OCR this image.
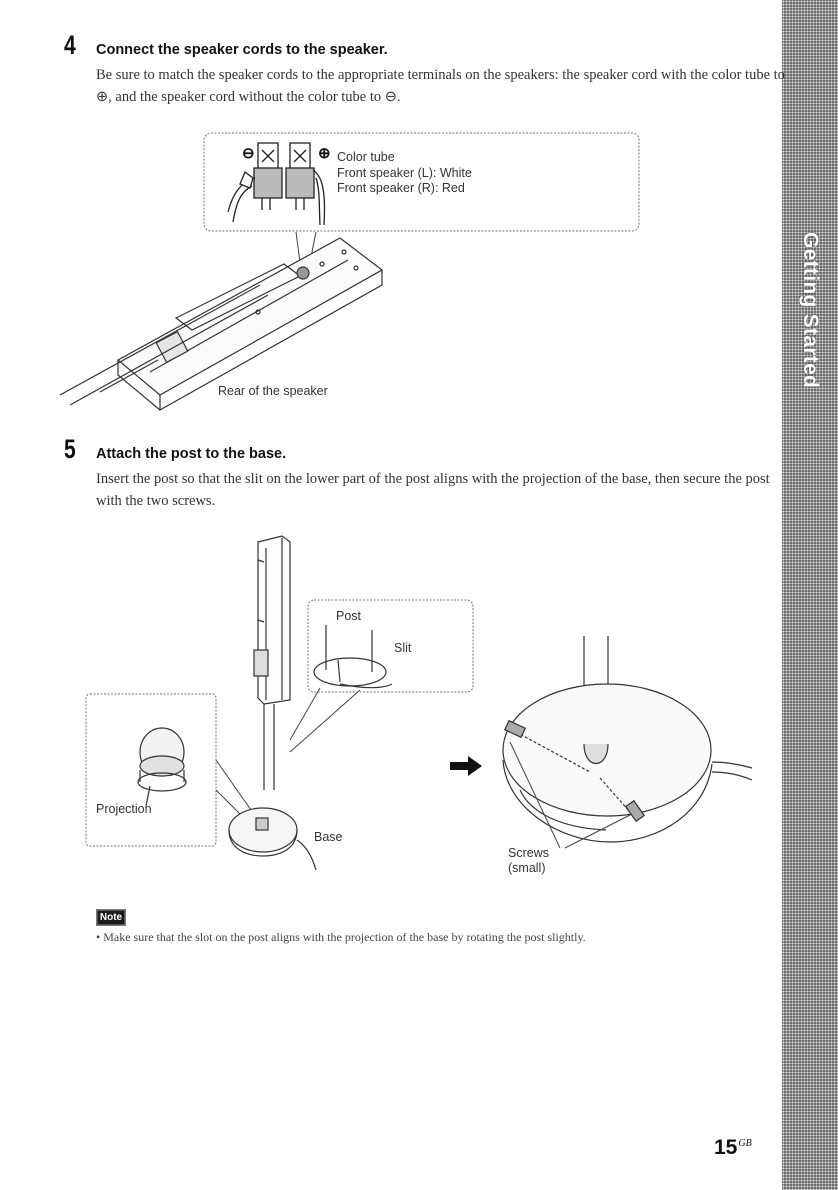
Getting Started
4 Connect the speaker cords to the speaker.
Be sure to match the speaker cords to the appropriate terminals on the speakers: the speaker cord with the color tube to ⊕, and the speaker cord without the color tube to ⊖.
⊖	⊕ Color tube
Front speaker (L): White
Front speaker (R): Red
Rear of the speaker
5 Attach the post to the base.
Insert the post so that the slit on the lower part of the post aligns with the projection of the base, then secure the post with the two screws.
Post
Slit
Projection
Base
Screws
(small)
Note
• Make sure that the slot on the post aligns with the projection of the base by rotating the post slightly.
$15^{GB}$
